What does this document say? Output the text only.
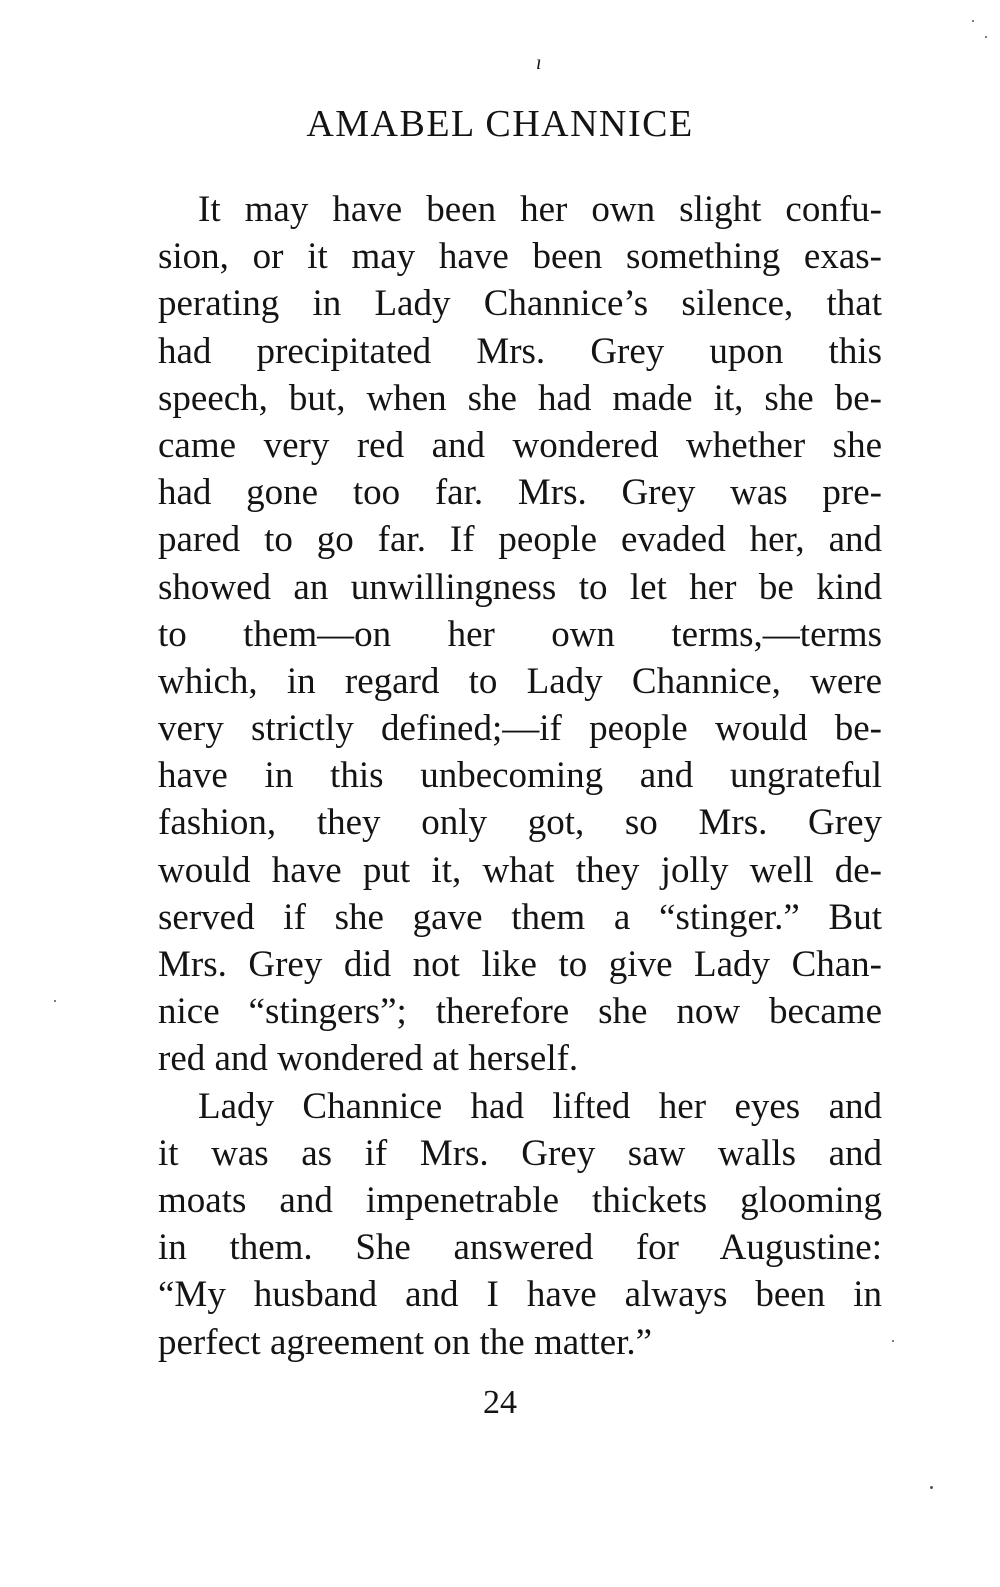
ı
AMABEL CHANNICE
It may have been her own slight confu-
sion, or it may have been something exas-
perating in Lady Channice’s silence, that
had precipitated Mrs. Grey upon this
speech, but, when she had made it, she be-
came very red and wondered whether she
had gone too far. Mrs. Grey was pre-
pared to go far. If people evaded her, and
showed an unwillingness to let her be kind
to them—on her own terms,—terms
which, in regard to Lady Channice, were
very strictly defined;—if people would be-
have in this unbecoming and ungrateful
fashion, they only got, so Mrs. Grey
would have put it, what they jolly well de-
served if she gave them a “stinger.” But
Mrs. Grey did not like to give Lady Chan-
nice “stingers”; therefore she now became
red and wondered at herself.
Lady Channice had lifted her eyes and
it was as if Mrs. Grey saw walls and
moats and impenetrable thickets glooming
in them. She answered for Augustine:
“My husband and I have always been in
perfect agreement on the matter.”
24
